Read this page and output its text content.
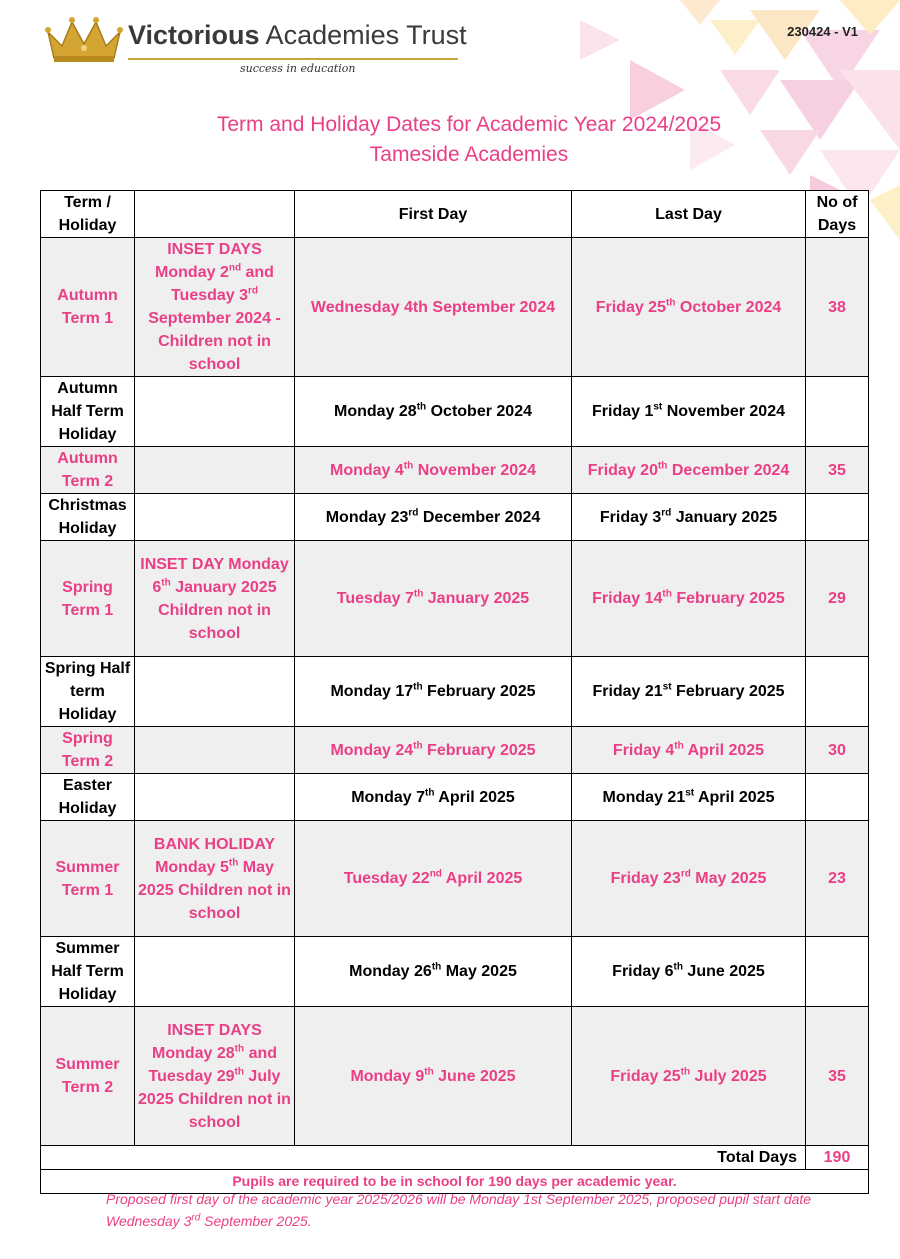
Victorious Academies Trust
success in education
230424 - V1
Term and Holiday Dates for Academic Year 2024/2025
Tameside Academies
Term / Holiday		First Day	Last Day	No of Days
Autumn Term 1	INSET DAYS Monday 2nd and Tuesday 3rd September 2024 - Children not in school	Wednesday 4th September 2024	Friday 25th October 2024	38
Autumn Half Term Holiday		Monday 28th October 2024	Friday 1st November 2024	
Autumn Term 2		Monday 4th November 2024	Friday 20th December 2024	35
Christmas Holiday		Monday 23rd December 2024	Friday 3rd January 2025	
Spring Term 1	INSET DAY Monday 6th January 2025 Children not in school	Tuesday 7th January 2025	Friday 14th February 2025	29
Spring Half term Holiday		Monday 17th February 2025	Friday 21st February 2025	
Spring Term 2		Monday 24th February 2025	Friday 4th April 2025	30
Easter Holiday		Monday 7th April 2025	Monday 21st April 2025	
Summer Term 1	BANK HOLIDAY Monday 5th May 2025 Children not in school	Tuesday 22nd April 2025	Friday 23rd May 2025	23
Summer Half Term Holiday		Monday 26th May 2025	Friday 6th June 2025	
Summer Term 2	INSET DAYS Monday 28th and Tuesday 29th July 2025 Children not in school	Monday 9th June 2025	Friday 25th July 2025	35
Total Days				190
Pupils are required to be in school for 190 days per academic year.				
Proposed first day of the academic year 2025/2026 will be Monday 1st September 2025, proposed pupil start date Wednesday 3rd September 2025.
